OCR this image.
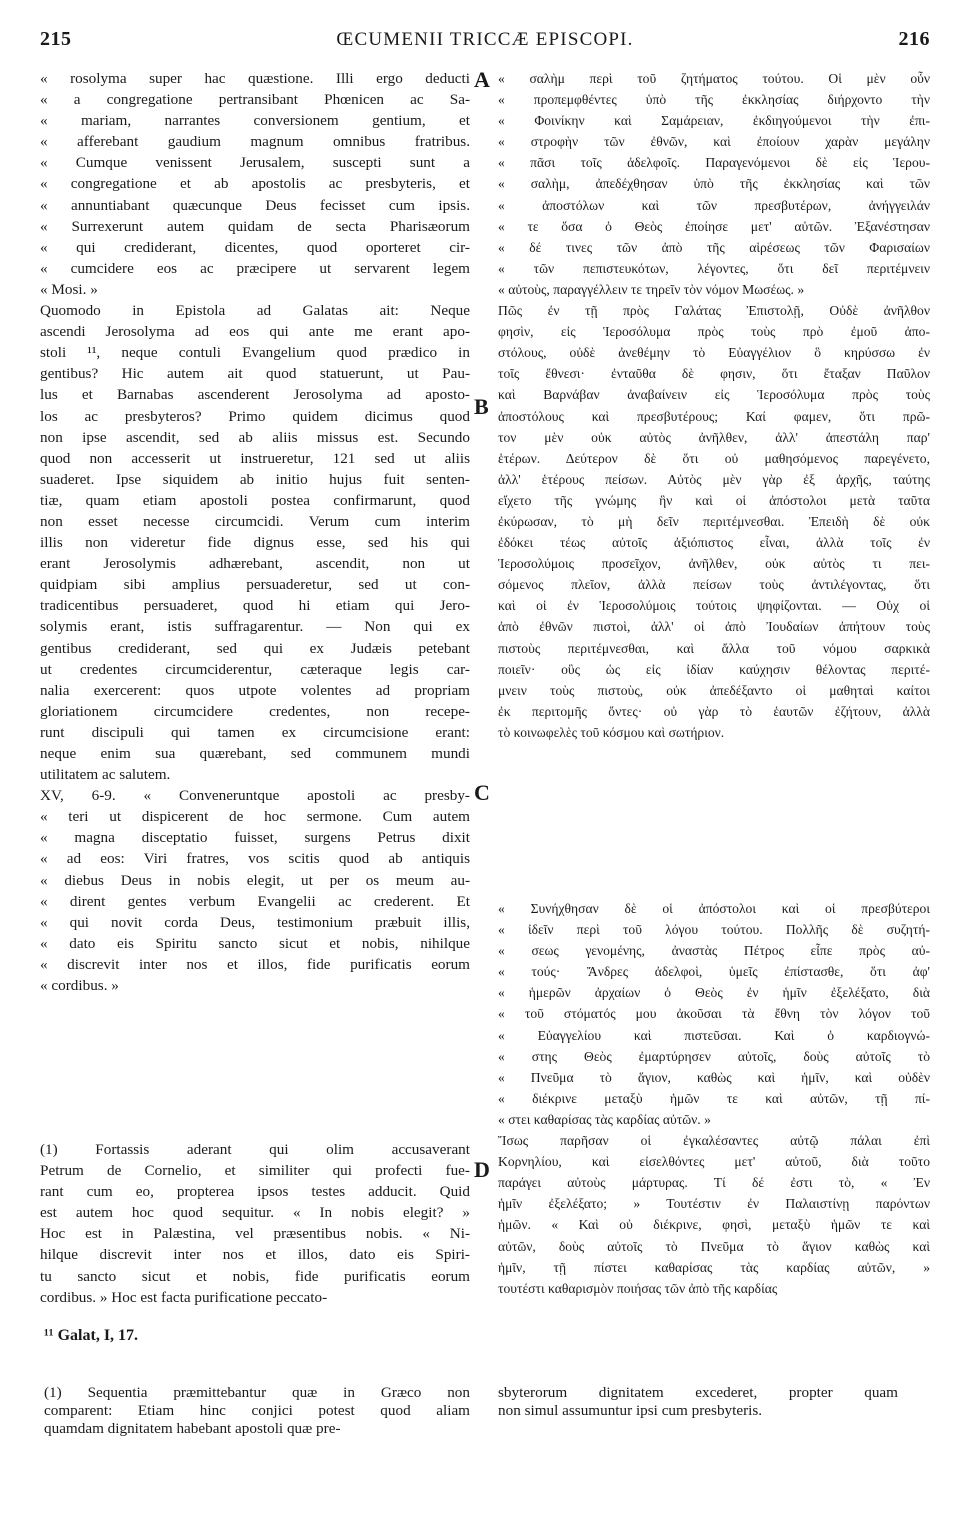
215	ŒCUMENII TRICCÆ EPISCOPI.	216
« rosolyma super hac quæstione. Illi ergo deducti
« a congregatione pertransibant Phœnicen ac Sa-
« mariam, narrantes conversionem gentium, et
« afferebant gaudium magnum omnibus fratribus.
« Cumque venissent Jerusalem, suscepti sunt a
« congregatione et ab apostolis ac presbyteris, et
« annuntiabant quæcunque Deus fecisset cum ipsis.
« Surrexerunt autem quidam de secta Pharisæorum
« qui crediderant, dicentes, quod oporteret cir-
« cumcidere eos ac præcipere ut servarent legem
« Mosi. »
Quomodo in Epistola ad Galatas ait: Neque
ascendi Jerosolyma ad eos qui ante me erant apo-
stoli ¹¹, neque contuli Evangelium quod prædico in
gentibus? Hic autem ait quod statuerunt, ut Pau-
lus et Barnabas ascenderent Jerosolyma ad aposto-
los ac presbyteros? Primo quidem dicimus quod
non ipse ascendit, sed ab aliis missus est. Secundo
quod non accesserit ut instrueretur, 121 sed ut aliis
suaderet. Ipse siquidem ab initio hujus fuit senten-
tiæ, quam etiam apostoli postea confirmarunt, quod
non esset necesse circumcidi. Verum cum interim
illis non videretur fide dignus esse, sed his qui
erant Jerosolymis adhærebant, ascendit, non ut
quidpiam sibi amplius persuaderetur, sed ut con-
tradicentibus persuaderet, quod hi etiam qui Jero-
solymis erant, istis suffragarentur. — Non qui ex
gentibus crediderant, sed qui ex Judæis petebant
ut credentes circumciderentur, cæteraque legis car-
nalia exercerent: quos utpote volentes ad propriam
gloriationem circumcidere credentes, non recepe-
runt discipuli qui tamen ex circumcisione erant:
neque enim sua quærebant, sed communem mundi
utilitatem ac salutem.
XV, 6-9. « Conveneruntque apostoli ac presby-
« teri ut dispicerent de hoc sermone. Cum autem
« magna disceptatio fuisset, surgens Petrus dixit
« ad eos: Viri fratres, vos scitis quod ab antiquis
« diebus Deus in nobis elegit, ut per os meum au-
« dirent gentes verbum Evangelii ac crederent. Et
« qui novit corda Deus, testimonium præbuit illis,
« dato eis Spiritu sancto sicut et nobis, nihilque
« discrevit inter nos et illos, fide purificatis eorum
« cordibus. »
(1) Fortassis aderant qui olim accusaverant
Petrum de Cornelio, et similiter qui profecti fue-
rant cum eo, propterea ipsos testes adducit. Quid
est autem hoc quod sequitur. « In nobis elegit? »
Hoc est in Palæstina, vel præsentibus nobis. « Ni-
hilque discrevit inter nos et illos, dato eis Spiri-
tu sancto sicut et nobis, fide purificatis eorum
cordibus. » Hoc est facta purificatione peccato-
« σαλὴμ περὶ τοῦ ζητήματος τούτου. Οἱ μὲν οὖν
« προπεμφθέντες ὑπὸ τῆς ἐκκλησίας διήρχοντο τὴν
« Φοινίκην καὶ Σαμάρειαν, ἐκδιηγούμενοι τὴν ἐπι-
« στροφὴν τῶν ἐθνῶν, καὶ ἐποίουν χαρὰν μεγάλην
« πᾶσι τοῖς ἀδελφοῖς. Παραγενόμενοι δὲ εἰς Ἱερου-
« σαλὴμ, ἀπεδέχθησαν ὑπὸ τῆς ἐκκλησίας καὶ τῶν
« ἀποστόλων καὶ τῶν πρεσβυτέρων, ἀνήγγειλάν
« τε ὅσα ὁ Θεὸς ἐποίησε μετ' αὐτῶν. Ἐξανέστησαν
« δέ τινες τῶν ἀπὸ τῆς αἱρέσεως τῶν Φαρισαίων
« τῶν πεπιστευκότων, λέγοντες, ὅτι δεῖ περιτέμνειν
« αὐτοὺς, παραγγέλλειν τε τηρεῖν τὸν νόμον Μωσέως. »
Πῶς ἐν τῇ πρὸς Γαλάτας Ἐπιστολῇ, Οὐδὲ ἀνῆλθον
φησὶν, εἰς Ἱεροσόλυμα πρὸς τοὺς πρὸ ἐμοῦ ἀπο-
στόλους, οὐδὲ ἀνεθέμην τὸ Εὐαγγέλιον ὃ κηρύσσω ἐν
τοῖς ἔθνεσι· ἐνταῦθα δὲ φησιν, ὅτι ἔταξαν Παῦλον
καὶ Βαρνάβαν ἀναβαίνειν εἰς Ἱεροσόλυμα πρὸς τοὺς
ἀποστόλους καὶ πρεσβυτέρους; Καί φαμεν, ὅτι πρῶ-
τον μὲν οὐκ αὐτὸς ἀνῆλθεν, ἀλλ' ἀπεστάλη παρ'
ἑτέρων. Δεύτερον δὲ ὅτι οὐ μαθησόμενος παρεγένετο,
ἀλλ' ἑτέρους πείσων. Αὐτὸς μὲν γὰρ ἐξ ἀρχῆς, ταύτης
εἴχετο τῆς γνώμης ἣν καὶ οἱ ἀπόστολοι μετὰ ταῦτα
ἐκύρωσαν, τὸ μὴ δεῖν περιτέμνεσθαι. Ἐπειδὴ δὲ οὐκ
ἐδόκει τέως αὐτοῖς ἀξιόπιστος εἶναι, ἀλλὰ τοῖς ἐν
Ἱεροσολύμοις προσεῖχον, ἀνῆλθεν, οὐκ αὐτὸς τι πει-
σόμενος πλεῖον, ἀλλὰ πείσων τοὺς ἀντιλέγοντας, ὅτι
καὶ οἱ ἐν Ἱεροσολύμοις τούτοις ψηφίζονται. — Οὐχ οἱ
ἀπὸ ἐθνῶν πιστοὶ, ἀλλ' οἱ ἀπὸ Ἰουδαίων ἀπήτουν τοὺς
πιστοὺς περιτέμνεσθαι, καὶ ἄλλα τοῦ νόμου σαρκικὰ
ποιεῖν· οὓς ὡς εἰς ἰδίαν καύχησιν θέλοντας περιτέ-
μνειν τοὺς πιστοὺς, οὐκ ἀπεδέξαντο οἱ μαθηταὶ καίτοι
ἐκ περιτομῆς ὄντες· οὐ γὰρ τὸ ἑαυτῶν ἐζήτουν, ἀλλὰ
τὸ κοινωφελὲς τοῦ κόσμου καὶ σωτήριον.
« Συνήχθησαν δὲ οἱ ἀπόστολοι καὶ οἱ πρεσβύτεροι
« ἰδεῖν περὶ τοῦ λόγου τούτου. Πολλῆς δὲ συζητή-
« σεως γενομένης, ἀναστὰς Πέτρος εἶπε πρὸς αὐ-
« τούς· Ἄνδρες ἀδελφοὶ, ὑμεῖς ἐπίστασθε, ὅτι ἀφ'
« ἡμερῶν ἀρχαίων ὁ Θεὸς ἐν ἡμῖν ἐξελέξατο, διὰ
« τοῦ στόματός μου ἀκοῦσαι τὰ ἔθνη τὸν λόγον τοῦ
« Εὐαγγελίου καὶ πιστεῦσαι. Καὶ ὁ καρδιογνώ-
« στης Θεὸς ἐμαρτύρησεν αὐτοῖς, δοὺς αὐτοῖς τὸ
« Πνεῦμα τὸ ἅγιον, καθὼς καὶ ἡμῖν, καὶ οὐδὲν
« διέκρινε μεταξὺ ἡμῶν τε καὶ αὐτῶν, τῇ πί-
« στει καθαρίσας τὰς καρδίας αὐτῶν. »
Ἴσως παρῆσαν οἱ ἐγκαλέσαντες αὐτῷ πάλαι ἐπὶ
Κορνηλίου, καὶ εἰσελθόντες μετ' αὐτοῦ, διὰ τοῦτο
παράγει αὐτοὺς μάρτυρας. Τί δέ ἐστι τὸ, « Ἐν
ἡμῖν ἐξελέξατο; » Τουτέστιν ἐν Παλαιστίνῃ παρόντων
ἡμῶν. « Καὶ οὐ διέκρινε, φησὶ, μεταξὺ ἡμῶν τε καὶ
αὐτῶν, δοὺς αὐτοῖς τὸ Πνεῦμα τὸ ἅγιον καθὼς καὶ
ἡμῖν, τῇ πίστει καθαρίσας τὰς καρδίας αὐτῶν, »
τουτέστι καθαρισμὸν ποιήσας τῶν ἀπὸ τῆς καρδίας
A
B
C
D
¹¹ Galat, I, 17.
(1) Sequentia præmittebantur quæ in Græco non
comparent: Etiam hinc conjici potest quod aliam
quamdam dignitatem habebant apostoli quæ pre-
sbyterorum dignitatem excederet, propter quam
non simul assumuntur ipsi cum presbyteris.
